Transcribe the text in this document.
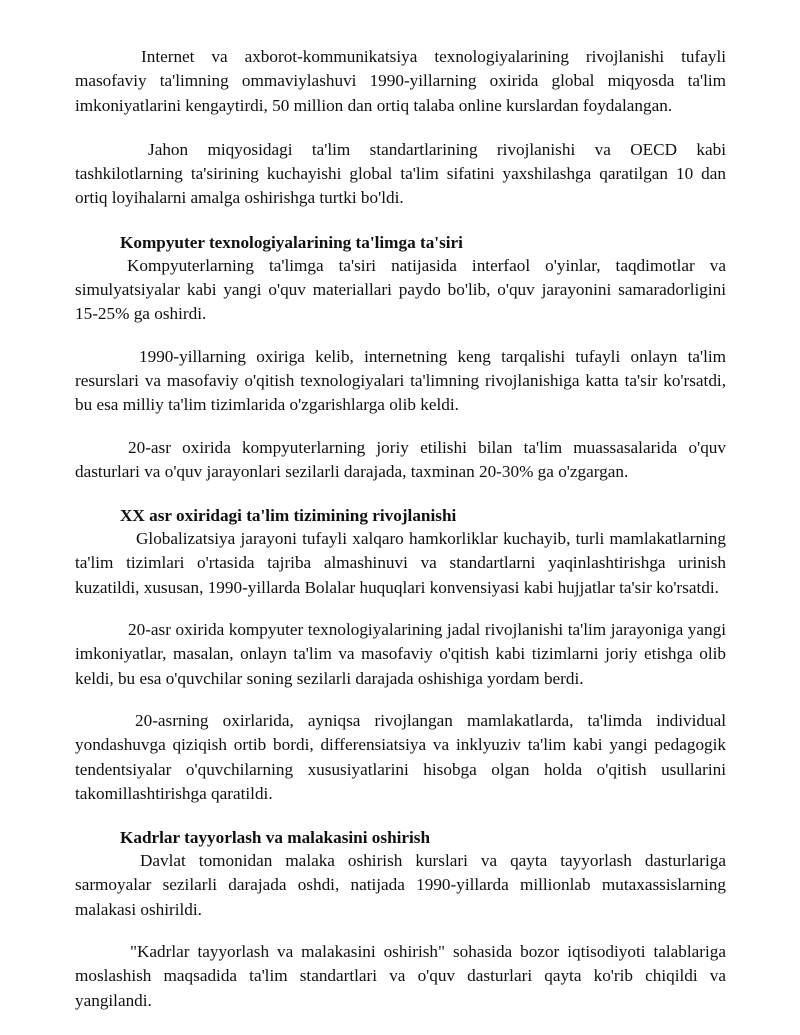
Internet va axborot-kommunikatsiya texnologiyalarining rivojlanishi tufayli masofaviy ta'limning ommaviylashuvi 1990-yillarning oxirida global miqyosda ta'lim imkoniyatlarini kengaytirdi, 50 million dan ortiq talaba online kurslardan foydalangan.

Jahon miqyosidagi ta'lim standartlarining rivojlanishi va OECD kabi tashkilotlarning ta'sirining kuchayishi global ta'lim sifatini yaxshilashga qaratilgan 10 dan ortiq loyihalarni amalga oshirishga turtki bo'ldi.

Kompyuter texnologiyalarining ta'limga ta'siri

Kompyuterlarning ta'limga ta'siri natijasida interfaol o'yinlar, taqdimotlar va simulyatsiyalar kabi yangi o'quv materiallari paydo bo'lib, o'quv jarayonini samaradorligini 15-25% ga oshirdi.

1990-yillarning oxiriga kelib, internetning keng tarqalishi tufayli onlayn ta'lim resurslari va masofaviy o'qitish texnologiyalari ta'limning rivojlanishiga katta ta'sir ko'rsatdi, bu esa milliy ta'lim tizimlarida o'zgarishlarga olib keldi.

20-asr oxirida kompyuterlarning joriy etilishi bilan ta'lim muassasalarida o'quv dasturlari va o'quv jarayonlari sezilarli darajada, taxminan 20-30% ga o'zgargan.

XX asr oxiridagi ta'lim tizimining rivojlanishi

Globalizatsiya jarayoni tufayli xalqaro hamkorliklar kuchayib, turli mamlakatlarning ta'lim tizimlari o'rtasida tajriba almashinuvi va standartlarni yaqinlashtirishga urinish kuzatildi, xususan, 1990-yillarda Bolalar huquqlari konvensiyasi kabi hujjatlar ta'sir ko'rsatdi.

20-asr oxirida kompyuter texnologiyalarining jadal rivojlanishi ta'lim jarayoniga yangi imkoniyatlar, masalan, onlayn ta'lim va masofaviy o'qitish kabi tizimlarni joriy etishga olib keldi, bu esa o'quvchilar soning sezilarli darajada oshishiga yordam berdi.

20-asrning oxirlarida, ayniqsa rivojlangan mamlakatlarda, ta'limda individual yondashuvga qiziqish ortib bordi, differensiatsiya va inklyuziv ta'lim kabi yangi pedagogik tendentsiyalar o'quvchilarning xususiyatlarini hisobga olgan holda o'qitish usullarini takomillashtirishga qaratildi.

Kadrlar tayyorlash va malakasini oshirish

Davlat tomonidan malaka oshirish kurslari va qayta tayyorlash dasturlariga sarmoyalar sezilarli darajada oshdi, natijada 1990-yillarda millionlab mutaxassislarning malakasi oshirildi.

"Kadrlar tayyorlash va malakasini oshirish" sohasida bozor iqtisodiyoti talablariga moslashish maqsadida ta'lim standartlari va o'quv dasturlari qayta ko'rib chiqildi va yangilandi.
